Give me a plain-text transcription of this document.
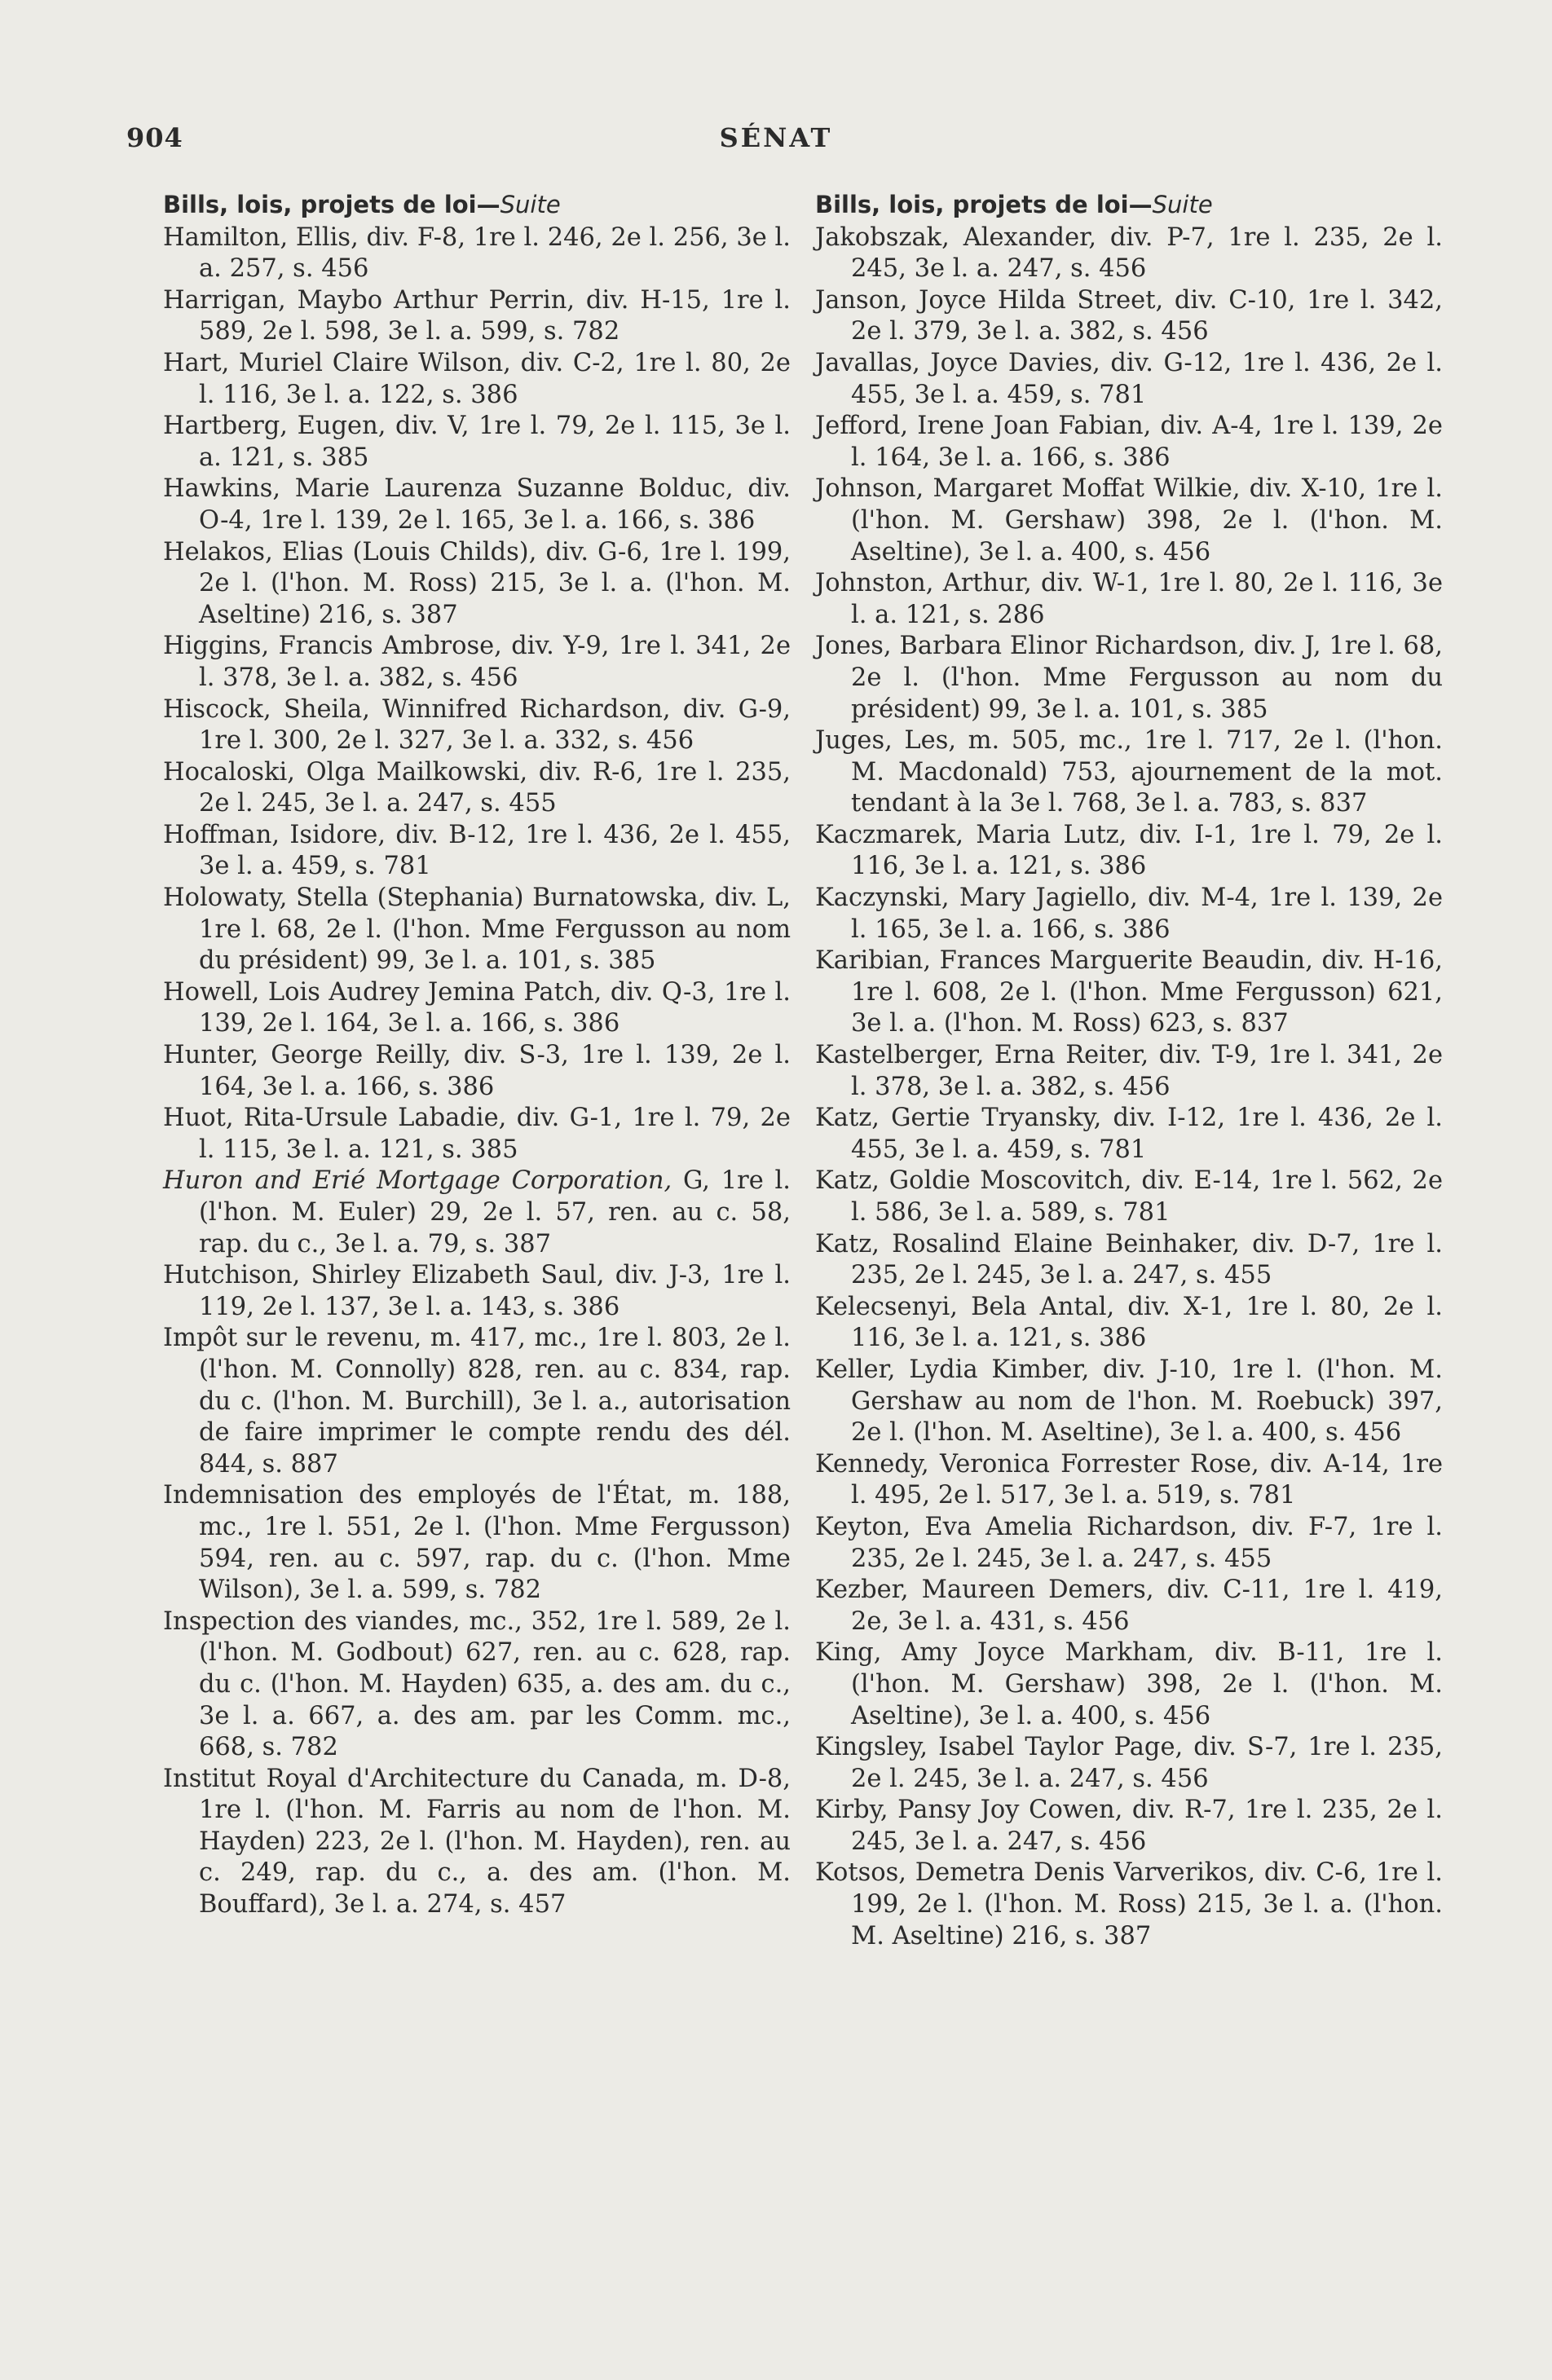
904	SÉNAT
Bills, lois, projets de loi—Suite

Hamilton, Ellis, div. F-8, 1re l. 246, 2e l. 256, 3e l. a. 257, s. 456

Harrigan, Maybo Arthur Perrin, div. H-15, 1re l. 589, 2e l. 598, 3e l. a. 599, s. 782

Hart, Muriel Claire Wilson, div. C-2, 1re l. 80, 2e l. 116, 3e l. a. 122, s. 386

Hartberg, Eugen, div. V, 1re l. 79, 2e l. 115, 3e l. a. 121, s. 385

Hawkins, Marie Laurenza Suzanne Bolduc, div. O-4, 1re l. 139, 2e l. 165, 3e l. a. 166, s. 386

Helakos, Elias (Louis Childs), div. G-6, 1re l. 199, 2e l. (l'hon. M. Ross) 215, 3e l. a. (l'hon. M. Aseltine) 216, s. 387

Higgins, Francis Ambrose, div. Y-9, 1re l. 341, 2e l. 378, 3e l. a. 382, s. 456

Hiscock, Sheila, Winnifred Richardson, div. G-9, 1re l. 300, 2e l. 327, 3e l. a. 332, s. 456

Hocaloski, Olga Mailkowski, div. R-6, 1re l. 235, 2e l. 245, 3e l. a. 247, s. 455

Hoffman, Isidore, div. B-12, 1re l. 436, 2e l. 455, 3e l. a. 459, s. 781

Holowaty, Stella (Stephania) Burnatowska, div. L, 1re l. 68, 2e l. (l'hon. Mme Fergusson au nom du président) 99, 3e l. a. 101, s. 385

Howell, Lois Audrey Jemina Patch, div. Q-3, 1re l. 139, 2e l. 164, 3e l. a. 166, s. 386

Hunter, George Reilly, div. S-3, 1re l. 139, 2e l. 164, 3e l. a. 166, s. 386

Huot, Rita-Ursule Labadie, div. G-1, 1re l. 79, 2e l. 115, 3e l. a. 121, s. 385

Huron and Erié Mortgage Corporation, G, 1re l. (l'hon. M. Euler) 29, 2e l. 57, ren. au c. 58, rap. du c., 3e l. a. 79, s. 387

Hutchison, Shirley Elizabeth Saul, div. J-3, 1re l. 119, 2e l. 137, 3e l. a. 143, s. 386

Impôt sur le revenu, m. 417, mc., 1re l. 803, 2e l. (l'hon. M. Connolly) 828, ren. au c. 834, rap. du c. (l'hon. M. Burchill), 3e l. a., autorisation de faire imprimer le compte rendu des dél. 844, s. 887

Indemnisation des employés de l'État, m. 188, mc., 1re l. 551, 2e l. (l'hon. Mme Fergusson) 594, ren. au c. 597, rap. du c. (l'hon. Mme Wilson), 3e l. a. 599, s. 782

Inspection des viandes, mc., 352, 1re l. 589, 2e l. (l'hon. M. Godbout) 627, ren. au c. 628, rap. du c. (l'hon. M. Hayden) 635, a. des am. du c., 3e l. a. 667, a. des am. par les Comm. mc., 668, s. 782

Institut Royal d'Architecture du Canada, m. D-8, 1re l. (l'hon. M. Farris au nom de l'hon. M. Hayden) 223, 2e l. (l'hon. M. Hayden), ren. au c. 249, rap. du c., a. des am. (l'hon. M. Bouffard), 3e l. a. 274, s. 457

Bills, lois, projets de loi—Suite

Jakobszak, Alexander, div. P-7, 1re l. 235, 2e l. 245, 3e l. a. 247, s. 456

Janson, Joyce Hilda Street, div. C-10, 1re l. 342, 2e l. 379, 3e l. a. 382, s. 456

Javallas, Joyce Davies, div. G-12, 1re l. 436, 2e l. 455, 3e l. a. 459, s. 781

Jefford, Irene Joan Fabian, div. A-4, 1re l. 139, 2e l. 164, 3e l. a. 166, s. 386

Johnson, Margaret Moffat Wilkie, div. X-10, 1re l. (l'hon. M. Gershaw) 398, 2e l. (l'hon. M. Aseltine), 3e l. a. 400, s. 456

Johnston, Arthur, div. W-1, 1re l. 80, 2e l. 116, 3e l. a. 121, s. 286

Jones, Barbara Elinor Richardson, div. J, 1re l. 68, 2e l. (l'hon. Mme Fergusson au nom du président) 99, 3e l. a. 101, s. 385

Juges, Les, m. 505, mc., 1re l. 717, 2e l. (l'hon. M. Macdonald) 753, ajournement de la mot. tendant à la 3e l. 768, 3e l. a. 783, s. 837

Kaczmarek, Maria Lutz, div. I-1, 1re l. 79, 2e l. 116, 3e l. a. 121, s. 386

Kaczynski, Mary Jagiello, div. M-4, 1re l. 139, 2e l. 165, 3e l. a. 166, s. 386

Karibian, Frances Marguerite Beaudin, div. H-16, 1re l. 608, 2e l. (l'hon. Mme Fergusson) 621, 3e l. a. (l'hon. M. Ross) 623, s. 837

Kastelberger, Erna Reiter, div. T-9, 1re l. 341, 2e l. 378, 3e l. a. 382, s. 456

Katz, Gertie Tryansky, div. I-12, 1re l. 436, 2e l. 455, 3e l. a. 459, s. 781

Katz, Goldie Moscovitch, div. E-14, 1re l. 562, 2e l. 586, 3e l. a. 589, s. 781

Katz, Rosalind Elaine Beinhaker, div. D-7, 1re l. 235, 2e l. 245, 3e l. a. 247, s. 455

Kelecsenyi, Bela Antal, div. X-1, 1re l. 80, 2e l. 116, 3e l. a. 121, s. 386

Keller, Lydia Kimber, div. J-10, 1re l. (l'hon. M. Gershaw au nom de l'hon. M. Roebuck) 397, 2e l. (l'hon. M. Aseltine), 3e l. a. 400, s. 456

Kennedy, Veronica Forrester Rose, div. A-14, 1re l. 495, 2e l. 517, 3e l. a. 519, s. 781

Keyton, Eva Amelia Richardson, div. F-7, 1re l. 235, 2e l. 245, 3e l. a. 247, s. 455

Kezber, Maureen Demers, div. C-11, 1re l. 419, 2e, 3e l. a. 431, s. 456

King, Amy Joyce Markham, div. B-11, 1re l. (l'hon. M. Gershaw) 398, 2e l. (l'hon. M. Aseltine), 3e l. a. 400, s. 456

Kingsley, Isabel Taylor Page, div. S-7, 1re l. 235, 2e l. 245, 3e l. a. 247, s. 456

Kirby, Pansy Joy Cowen, div. R-7, 1re l. 235, 2e l. 245, 3e l. a. 247, s. 456

Kotsos, Demetra Denis Varverikos, div. C-6, 1re l. 199, 2e l. (l'hon. M. Ross) 215, 3e l. a. (l'hon. M. Aseltine) 216, s. 387
